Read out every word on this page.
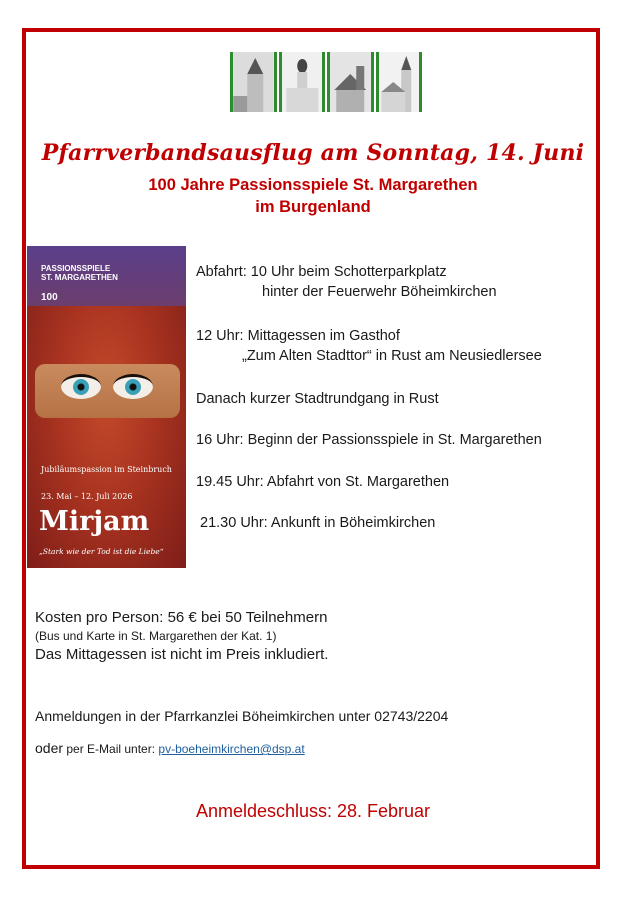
Pfarrverbandsausflug am Sonntag, 14. Juni
100 Jahre Passionsspiele St. Margarethen
im Burgenland
PASSIONSSPIELE
ST. MARGARETHEN
100
Jubiläumspassion im Steinbruch
23. Mai – 12. Juli 2026
Mirjam
„Stark wie der Tod ist die Liebe“
Abfahrt: 10 Uhr beim Schotterparkplatz
hinter der Feuerwehr Böheimkirchen
12 Uhr: Mittagessen im Gasthof
„Zum Alten Stadttor“ in Rust am Neusiedlersee
Danach kurzer Stadtrundgang in Rust
16 Uhr: Beginn der Passionsspiele in St. Margarethen
19.45 Uhr: Abfahrt von St. Margarethen
21.30 Uhr: Ankunft in Böheimkirchen
Kosten pro Person: 56 € bei 50 Teilnehmern
(Bus und Karte in St. Margarethen der Kat. 1)
Das Mittagessen ist nicht im Preis inkludiert.
Anmeldungen in der Pfarrkanzlei Böheimkirchen unter 02743/2204
oder per E-Mail unter: pv-boeheimkirchen@dsp.at
Anmeldeschluss: 28. Februar
